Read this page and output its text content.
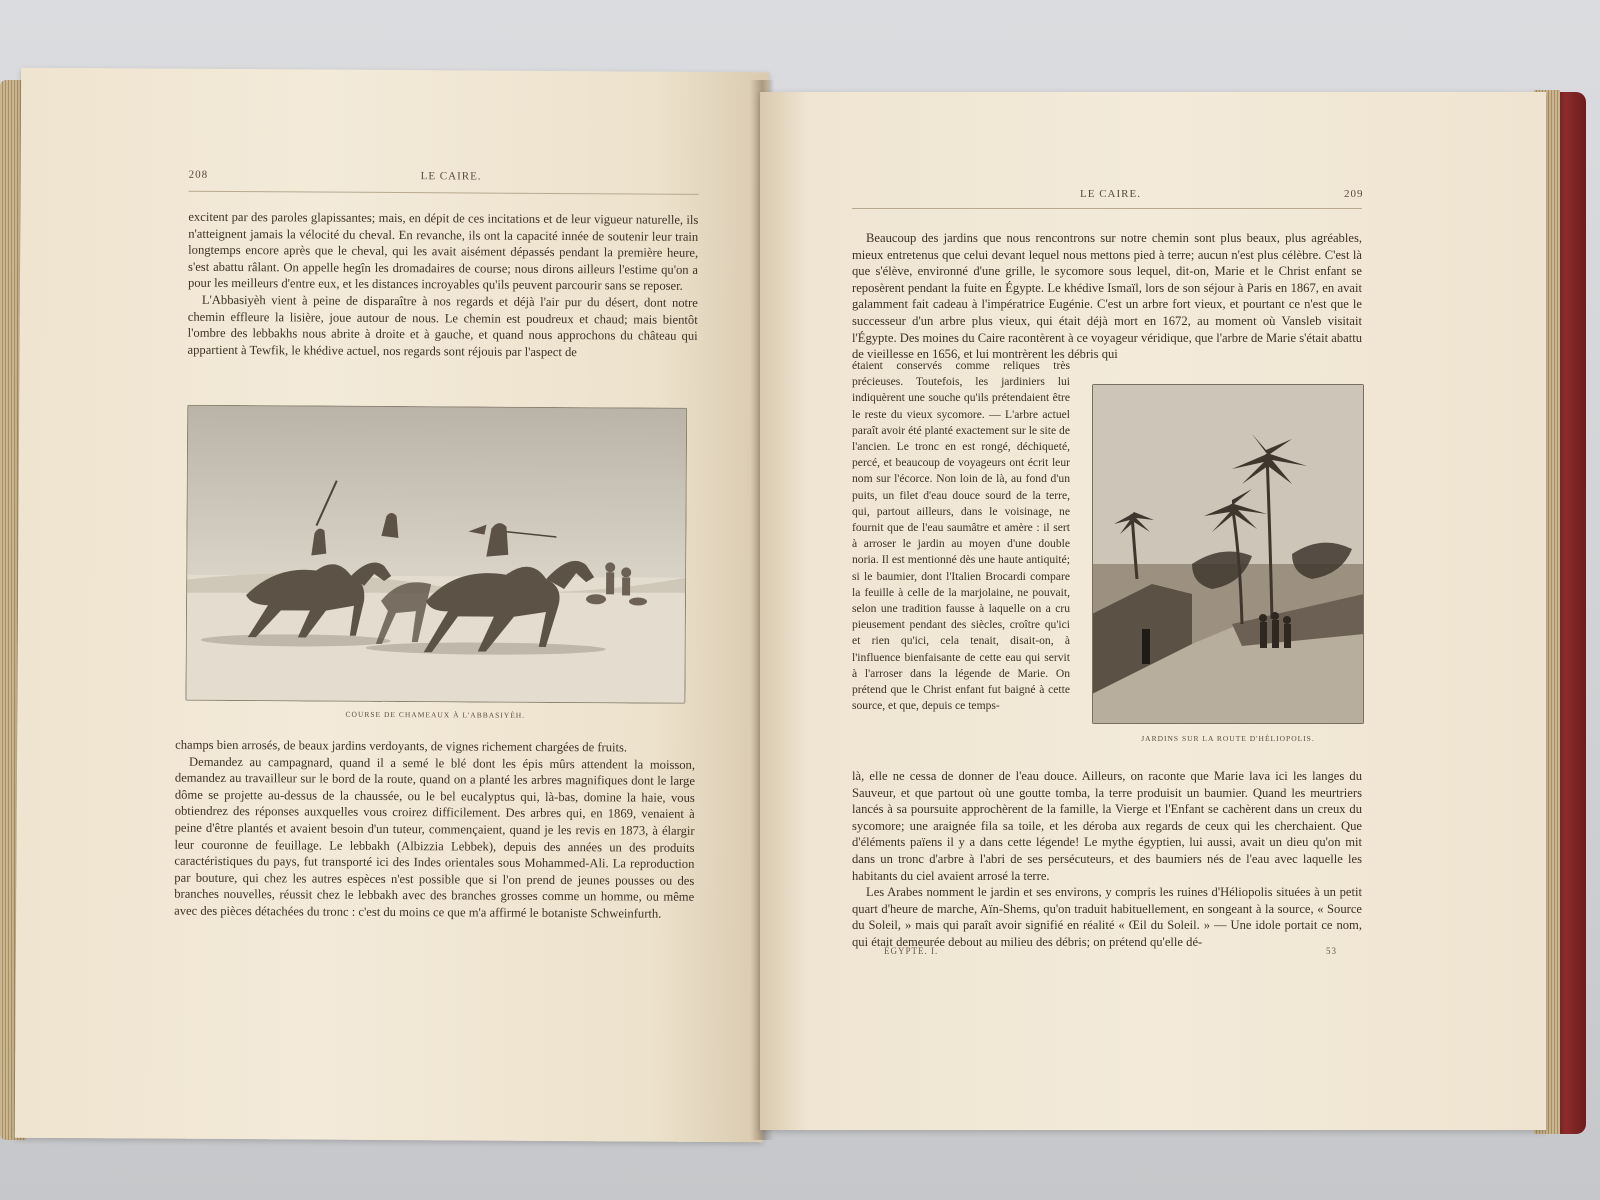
208	LE CAIRE.

excitent par des paroles glapissantes; mais, en dépit de ces incitations et de leur vigueur naturelle, ils n'atteignent jamais la vélocité du cheval. En revanche, ils ont la capacité innée de soutenir leur train longtemps encore après que le cheval, qui les avait aisément dépassés pendant la première heure, s'est abattu râlant. On appelle hegîn les dromadaires de course; nous dirons ailleurs l'estime qu'on a pour les meilleurs d'entre eux, et les distances incroyables qu'ils peuvent parcourir sans se reposer.

L'Abbasiyèh vient à peine de disparaître à nos regards et déjà l'air pur du désert, dont notre chemin effleure la lisière, joue autour de nous. Le chemin est poudreux et chaud; mais bientôt l'ombre des lebbakhs nous abrite à droite et à gauche, et quand nous approchons du château qui appartient à Tewfik, le khédive actuel, nos regards sont réjouis par l'aspect de

COURSE DE CHAMEAUX À L'ABBASIYÈH.

champs bien arrosés, de beaux jardins verdoyants, de vignes richement chargées de fruits.

Demandez au campagnard, quand il a semé le blé dont les épis mûrs attendent la moisson, demandez au travailleur sur le bord de la route, quand on a planté les arbres magnifiques dont le large dôme se projette au-dessus de la chaussée, ou le bel eucalyptus qui, là-bas, domine la haie, vous obtiendrez des réponses auxquelles vous croirez difficilement. Des arbres qui, en 1869, venaient à peine d'être plantés et avaient besoin d'un tuteur, commençaient, quand je les revis en 1873, à élargir leur couronne de feuillage. Le lebbakh (Albizzia Lebbek), depuis des années un des produits caractéristiques du pays, fut transporté ici des Indes orientales sous Mohammed-Ali. La reproduction par bouture, qui chez les autres espèces n'est possible que si l'on prend de jeunes pousses ou des branches nouvelles, réussit chez le lebbakh avec des branches grosses comme un homme, ou même avec des pièces détachées du tronc : c'est du moins ce que m'a affirmé le botaniste Schweinfurth.

LE CAIRE.	209

Beaucoup des jardins que nous rencontrons sur notre chemin sont plus beaux, plus agréables, mieux entretenus que celui devant lequel nous mettons pied à terre; aucun n'est plus célèbre. C'est là que s'élève, environné d'une grille, le sycomore sous lequel, dit-on, Marie et le Christ enfant se reposèrent pendant la fuite en Égypte. Le khédive Ismaïl, lors de son séjour à Paris en 1867, en avait galamment fait cadeau à l'impératrice Eugénie. C'est un arbre fort vieux, et pourtant ce n'est que le successeur d'un arbre plus vieux, qui était déjà mort en 1672, au moment où Vansleb visitait l'Égypte. Des moines du Caire racontèrent à ce voyageur véridique, que l'arbre de Marie s'était abattu de vieillesse en 1656, et lui montrèrent les débris qui

étaient conservés comme reliques très précieuses. Toutefois, les jardiniers lui indiquèrent une souche qu'ils prétendaient être le reste du vieux sycomore. — L'arbre actuel paraît avoir été planté exactement sur le site de l'ancien. Le tronc en est rongé, déchiqueté, percé, et beaucoup de voyageurs ont écrit leur nom sur l'écorce. Non loin de là, au fond d'un puits, un filet d'eau douce sourd de la terre, qui, partout ailleurs, dans le voisinage, ne fournit que de l'eau saumâtre et amère : il sert à arroser le jardin au moyen d'une double noria. Il est mentionné dès une haute antiquité; si le baumier, dont l'Italien Brocardi compare la feuille à celle de la marjolaine, ne pouvait, selon une tradition fausse à laquelle on a cru pieusement pendant des siècles, croître qu'ici et rien qu'ici, cela tenait, disait-on, à l'influence bienfaisante de cette eau qui servit à l'arroser dans la légende de Marie. On prétend que le Christ enfant fut baigné à cette source, et que, depuis ce temps-

JARDINS SUR LA ROUTE D'HÉLIOPOLIS.

là, elle ne cessa de donner de l'eau douce. Ailleurs, on raconte que Marie lava ici les langes du Sauveur, et que partout où une goutte tomba, la terre produisit un baumier. Quand les meurtriers lancés à sa poursuite approchèrent de la famille, la Vierge et l'Enfant se cachèrent dans un creux du sycomore; une araignée fila sa toile, et les déroba aux regards de ceux qui les cherchaient. Que d'éléments païens il y a dans cette légende! Le mythe égyptien, lui aussi, avait un dieu qu'on mit dans un tronc d'arbre à l'abri de ses persécuteurs, et des baumiers nés de l'eau avec laquelle les habitants du ciel avaient arrosé la terre.

Les Arabes nomment le jardin et ses environs, y compris les ruines d'Héliopolis situées à un petit quart d'heure de marche, Aïn-Shems, qu'on traduit habituellement, en songeant à la source, « Source du Soleil, » mais qui paraît avoir signifié en réalité « Œil du Soleil. » — Une idole portait ce nom, qui était demeurée debout au milieu des débris; on prétend qu'elle dé-

ÉGYPTE. I.	53
